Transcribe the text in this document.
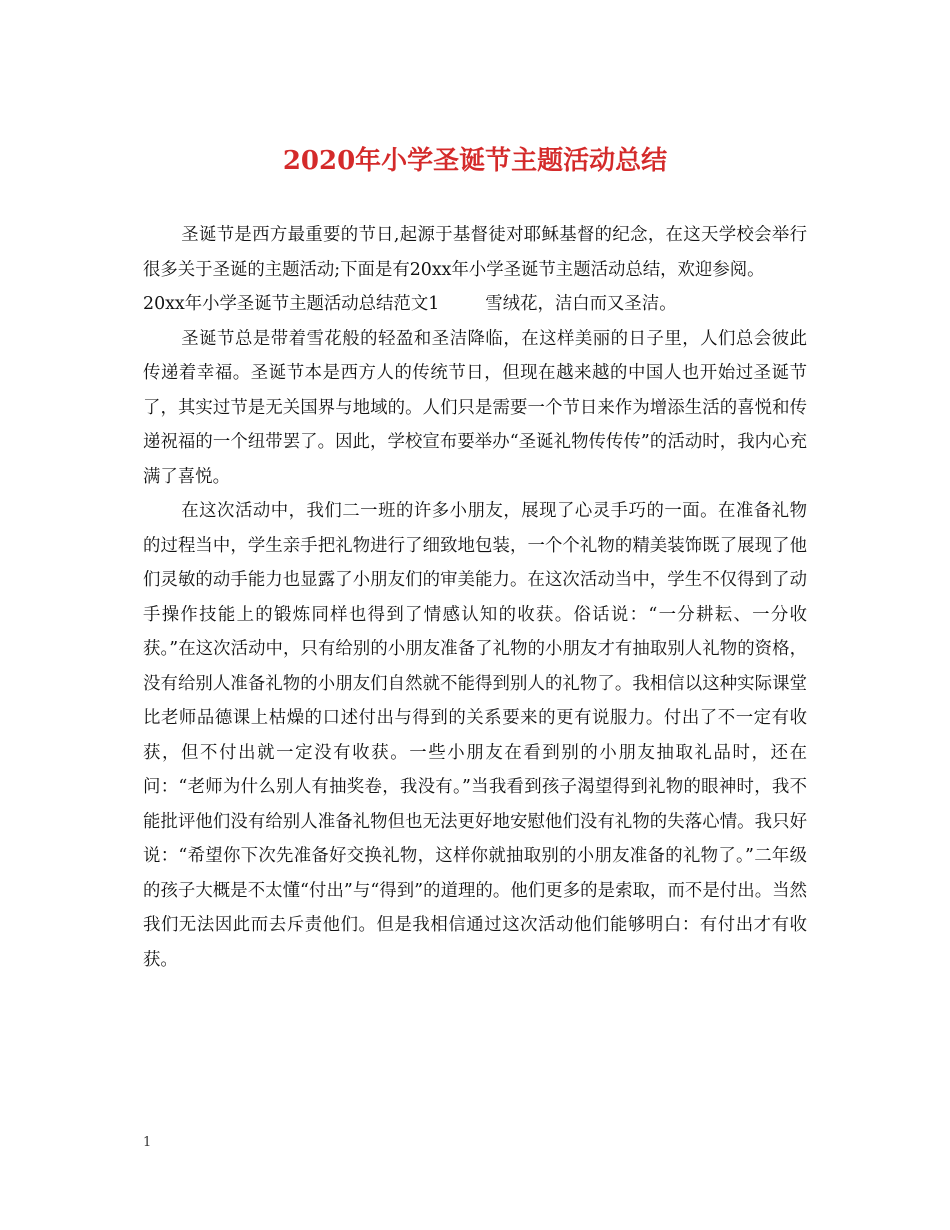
2020年小学圣诞节主题活动总结

圣诞节是西方最重要的节日,起源于基督徒对耶稣基督的纪念，在这天学校会举行很多关于圣诞的主题活动;下面是有20xx年小学圣诞节主题活动总结，欢迎参阅。

20xx年小学圣诞节主题活动总结范文1	雪绒花，洁白而又圣洁。

圣诞节总是带着雪花般的轻盈和圣洁降临，在这样美丽的日子里，人们总会彼此传递着幸福。圣诞节本是西方人的传统节日，但现在越来越的中国人也开始过圣诞节了，其实过节是无关国界与地域的。人们只是需要一个节日来作为增添生活的喜悦和传递祝福的一个纽带罢了。因此，学校宣布要举办“圣诞礼物传传传”的活动时，我内心充满了喜悦。

在这次活动中，我们二一班的许多小朋友，展现了心灵手巧的一面。在准备礼物的过程当中，学生亲手把礼物进行了细致地包装，一个个礼物的精美装饰既了展现了他们灵敏的动手能力也显露了小朋友们的审美能力。在这次活动当中，学生不仅得到了动手操作技能上的锻炼同样也得到了情感认知的收获。俗话说：“一分耕耘、一分收获。”在这次活动中，只有给别的小朋友准备了礼物的小朋友才有抽取别人礼物的资格，没有给别人准备礼物的小朋友们自然就不能得到别人的礼物了。我相信以这种实际课堂比老师品德课上枯燥的口述付出与得到的关系要来的更有说服力。付出了不一定有收获，但不付出就一定没有收获。一些小朋友在看到别的小朋友抽取礼品时，还在问：“老师为什么别人有抽奖卷，我没有。”当我看到孩子渴望得到礼物的眼神时，我不能批评他们没有给别人准备礼物但也无法更好地安慰他们没有礼物的失落心情。我只好说：“希望你下次先准备好交换礼物，这样你就抽取别的小朋友准备的礼物了。”二年级的孩子大概是不太懂“付出”与“得到”的道理的。他们更多的是索取，而不是付出。当然我们无法因此而去斥责他们。但是我相信通过这次活动他们能够明白：有付出才有收获。

1
